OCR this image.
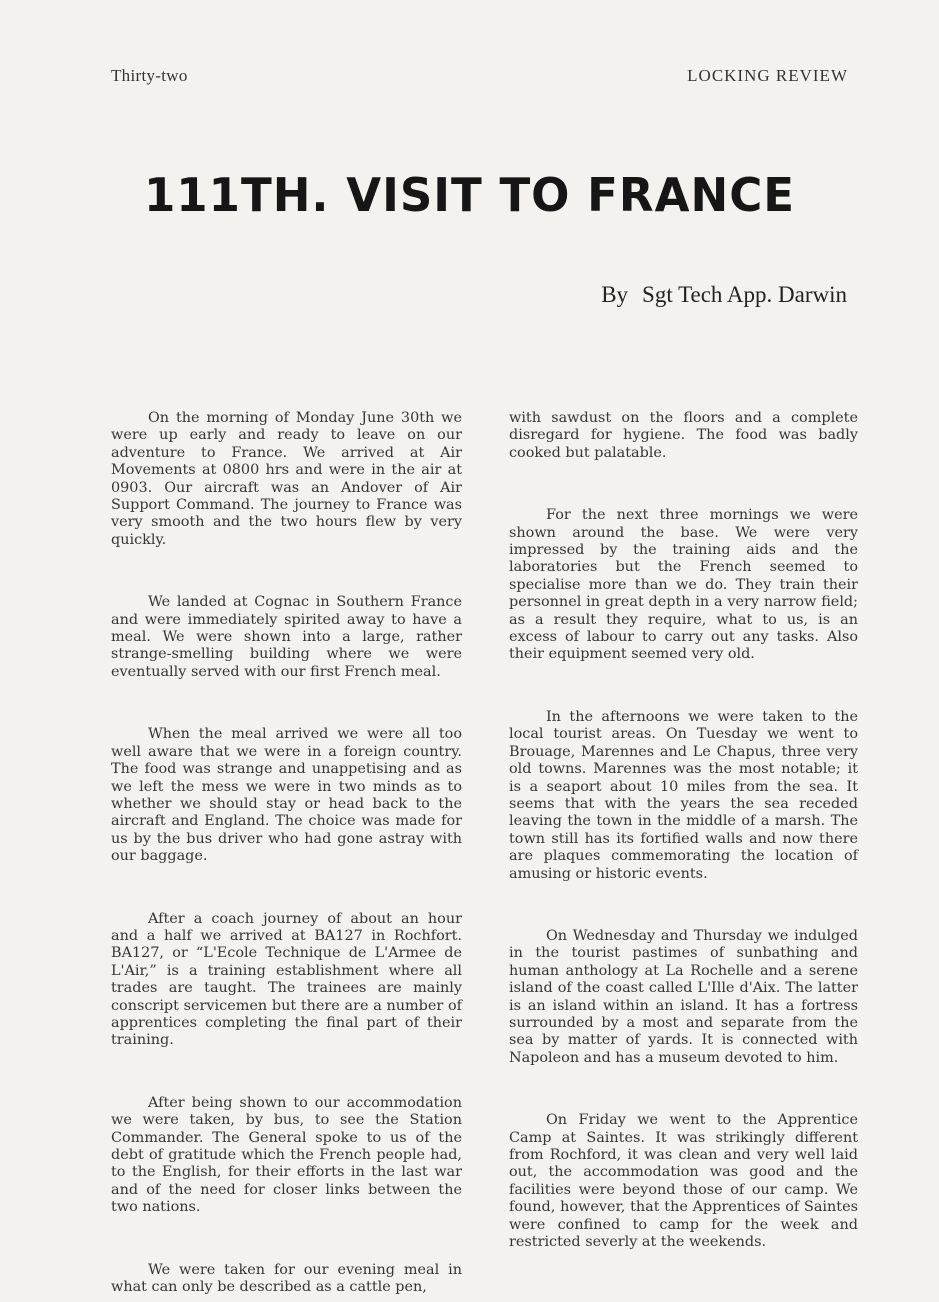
Thirty-two	LOCKING REVIEW
111TH. VISIT TO FRANCE
By Sgt Tech App. Darwin

On the morning of Monday June 30th we were up early and ready to leave on our adventure to France. We arrived at Air Movements at 0800 hrs and were in the air at 0903. Our aircraft was an Andover of Air Support Command. The journey to France was very smooth and the two hours flew by very quickly.

We landed at Cognac in Southern France and were immediately spirited away to have a meal. We were shown into a large, rather strange-smelling building where we were eventually served with our first French meal.

When the meal arrived we were all too well aware that we were in a foreign country. The food was strange and unappetising and as we left the mess we were in two minds as to whether we should stay or head back to the aircraft and England. The choice was made for us by the bus driver who had gone astray with our baggage.

After a coach journey of about an hour and a half we arrived at BA127 in Rochfort. BA127, or “L'Ecole Technique de L'Armee de L'Air,” is a training establishment where all trades are taught. The trainees are mainly conscript servicemen but there are a number of apprentices completing the final part of their training.

After being shown to our accommodation we were taken, by bus, to see the Station Commander. The General spoke to us of the debt of gratitude which the French people had, to the English, for their efforts in the last war and of the need for closer links between the two nations.

We were taken for our evening meal in what can only be described as a cattle pen,

with sawdust on the floors and a complete disregard for hygiene. The food was badly cooked but palatable.

For the next three mornings we were shown around the base. We were very impressed by the training aids and the laboratories but the French seemed to specialise more than we do. They train their personnel in great depth in a very narrow field; as a result they require, what to us, is an excess of labour to carry out any tasks. Also their equipment seemed very old.

In the afternoons we were taken to the local tourist areas. On Tuesday we went to Brouage, Marennes and Le Chapus, three very old towns. Marennes was the most notable; it is a seaport about 10 miles from the sea. It seems that with the years the sea receded leaving the town in the middle of a marsh. The town still has its fortified walls and now there are plaques commemorating the location of amusing or historic events.

On Wednesday and Thursday we indulged in the tourist pastimes of sunbathing and human anthology at La Rochelle and a serene island of the coast called L'Ille d'Aix. The latter is an island within an island. It has a fortress surrounded by a most and separate from the sea by matter of yards. It is connected with Napoleon and has a museum devoted to him.

On Friday we went to the Apprentice Camp at Saintes. It was strikingly different from Rochford, it was clean and very well laid out, the accommodation was good and the facilities were beyond those of our camp. We found, however, that the Apprentices of Saintes were confined to camp for the week and restricted severly at the weekends.
